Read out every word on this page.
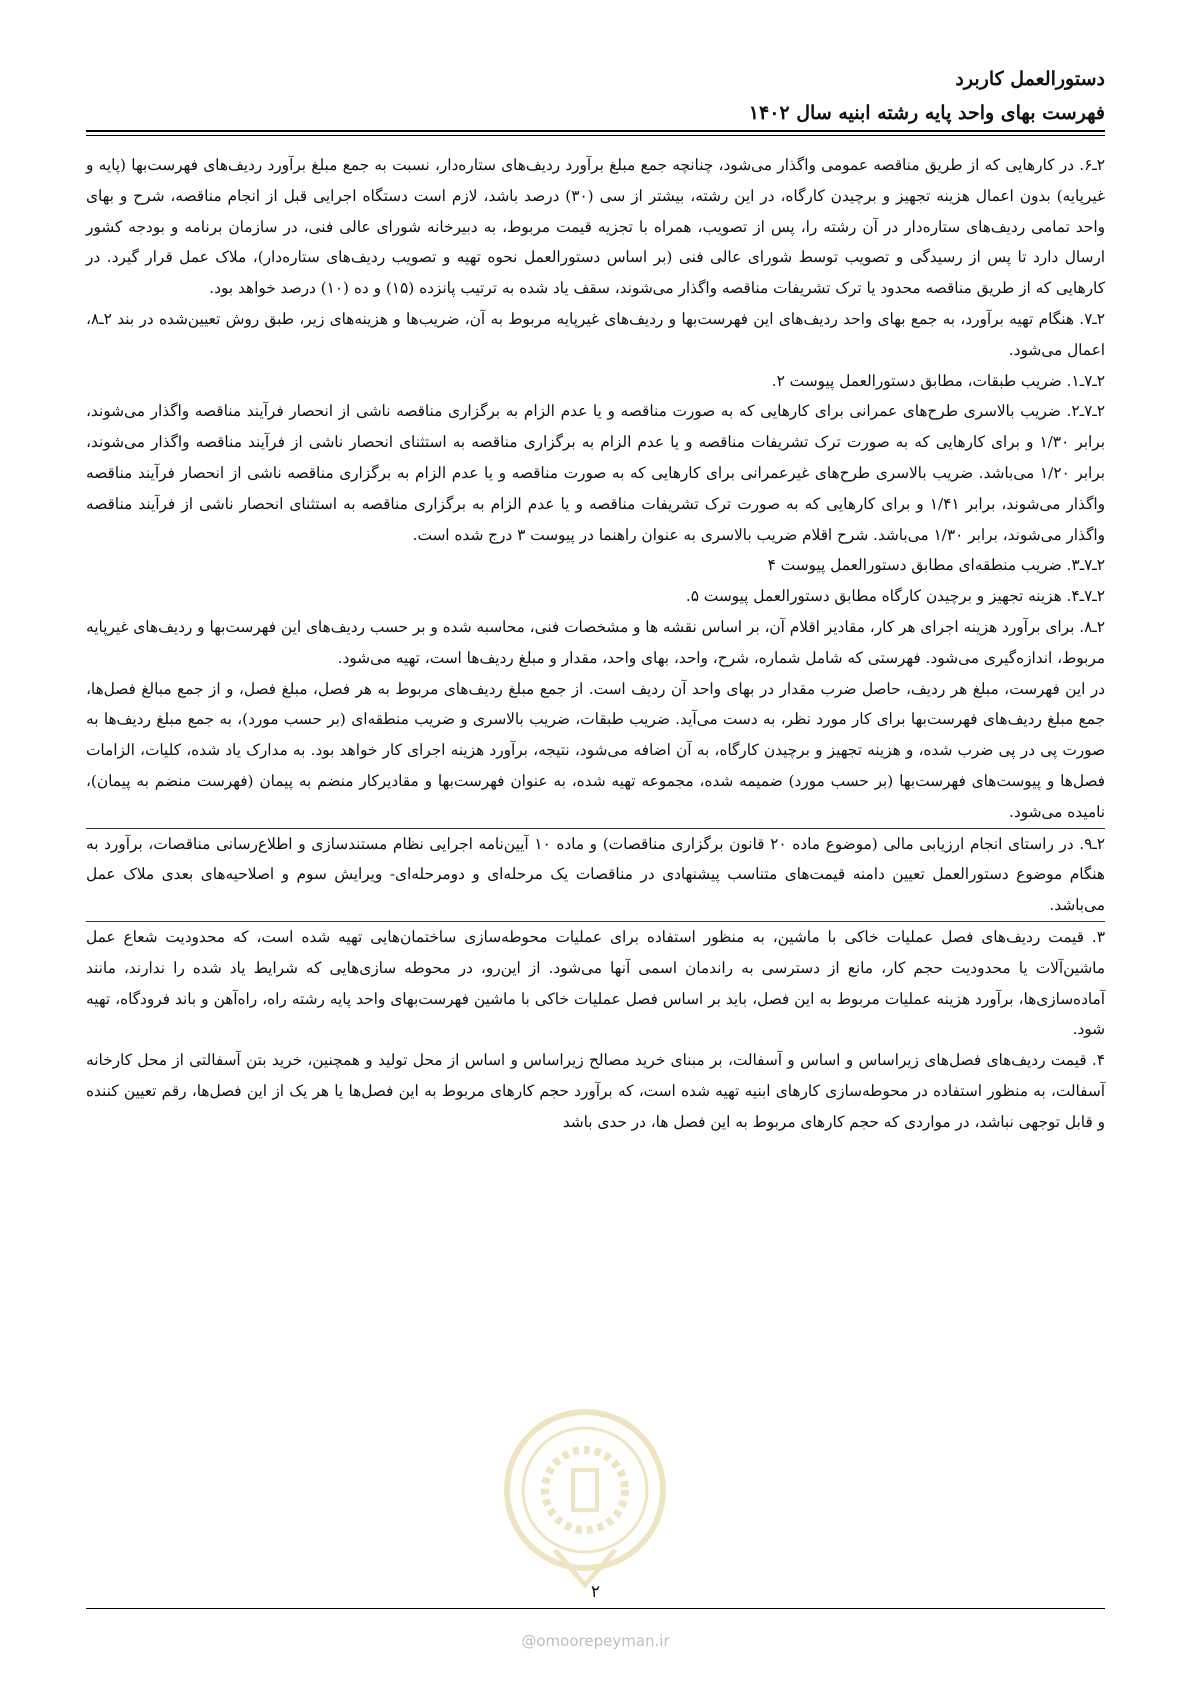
دستورالعمل کاربرد
فهرست بهای واحد پایه رشته ابنیه سال ۱۴۰۲

۲ـ۶. در کارهایی که از طریق مناقصه عمومی واگذار می‌شود، چنانچه جمع مبلغ برآورد ردیف‌های ستاره‌دار، نسبت به جمع مبلغ برآورد ردیف‌های فهرست‌بها (پایه و غیرپایه) بدون اعمال هزینه تجهیز و برچیدن کارگاه، در این رشته، بیشتر از سی (۳۰) درصد باشد، لازم است دستگاه اجرایی قبل از انجام مناقصه، شرح و بهای واحد تمامی ردیف‌های ستاره‌دار در آن رشته را، پس از تصویب، همراه با تجزیه قیمت مربوط، به دبیرخانه شورای عالی فنی، در سازمان برنامه و بودجه کشور ارسال دارد تا پس از رسیدگی و تصویب توسط شورای عالی فنی (بر اساس دستورالعمل نحوه تهیه و تصویب ردیف‌های ستاره‌دار)، ملاک عمل قرار گیرد. در کارهایی که از طریق مناقصه محدود یا ترک تشریفات مناقصه واگذار می‌شوند، سقف یاد شده به ترتیب پانزده (۱۵) و ده (۱۰) درصد خواهد بود.

۲ـ۷. هنگام تهیه برآورد، به جمع بهای واحد ردیف‌های این فهرست‌بها و ردیف‌های غیرپایه مربوط به آن، ضریب‌ها و هزینه‌های زیر، طبق روش تعیین‌شده در بند ۲ـ۸، اعمال می‌شود.

۲ـ۷ـ۱. ضریب طبقات، مطابق دستورالعمل پیوست ۲.

۲ـ۷ـ۲. ضریب بالاسری طرح‌های عمرانی برای کارهایی که به صورت مناقصه و یا عدم الزام به برگزاری مناقصه ناشی از انحصار فرآیند مناقصه واگذار می‌شوند، برابر ۱/۳۰ و برای کارهایی که به صورت ترک تشریفات مناقصه و یا عدم الزام به برگزاری مناقصه به استثنای انحصار ناشی از فرآیند مناقصه واگذار می‌شوند، برابر ۱/۲۰ می‌باشد. ضریب بالاسری طرح‌های غیرعمرانی برای کارهایی که به صورت مناقصه و یا عدم الزام به برگزاری مناقصه ناشی از انحصار فرآیند مناقصه واگذار می‌شوند، برابر ۱/۴۱ و برای کارهایی که به صورت ترک تشریفات مناقصه و یا عدم الزام به برگزاری مناقصه به استثنای انحصار ناشی از فرآیند مناقصه واگذار می‌شوند، برابر ۱/۳۰ می‌باشد. شرح اقلام ضریب بالاسری به عنوان راهنما در پیوست ۳ درج شده است.

۲ـ۷ـ۳. ضریب منطقه‌ای مطابق دستورالعمل پیوست ۴

۲ـ۷ـ۴. هزینه تجهیز و برچیدن کارگاه مطابق دستورالعمل پیوست ۵.

۲ـ۸. برای برآورد هزینه اجرای هر کار، مقادیر اقلام آن، بر اساس نقشه ها و مشخصات فنی، محاسبه شده و بر حسب ردیف‌های این فهرست‌بها و ردیف‌های غیرپایه مربوط، اندازه‌گیری می‌شود. فهرستی که شامل شماره، شرح، واحد، بهای واحد، مقدار و مبلغ ردیف‌ها است، تهیه می‌شود.

در این فهرست، مبلغ هر ردیف، حاصل ضرب مقدار در بهای واحد آن ردیف است. از جمع مبلغ ردیف‌های مربوط به هر فصل، مبلغ فصل، و از جمع مبالغ فصل‌ها، جمع مبلغ ردیف‌های فهرست‌بها برای کار مورد نظر، به دست می‌آید. ضریب طبقات، ضریب بالاسری و ضریب منطقه‌ای (بر حسب مورد)، به جمع مبلغ ردیف‌ها به صورت پی در پی ضرب شده، و هزینه تجهیز و برچیدن کارگاه، به آن اضافه می‌شود، نتیجه، برآورد هزینه اجرای کار خواهد بود. به مدارک یاد شده، کلیات، الزامات فصل‌ها و پیوست‌های فهرست‌بها (بر حسب مورد) ضمیمه شده، مجموعه تهیه شده، به عنوان فهرست‌بها و مقادیرکار منضم به پیمان (فهرست منضم به پیمان)، نامیده می‌شود.

۲ـ۹. در راستای انجام ارزیابی مالی (موضوع ماده ۲۰ قانون برگزاری مناقصات) و ماده ۱۰ آیین‌نامه اجرایی نظام مستندسازی و اطلاع‌رسانی مناقصات، برآورد به هنگام موضوع دستورالعمل تعیین دامنه قیمت‌های متناسب پیشنهادی در مناقصات یک مرحله‌ای و دومرحله‌ای- ویرایش سوم و اصلاحیه‌های بعدی ملاک عمل می‌باشد.

۳. قیمت ردیف‌های فصل عملیات خاکی با ماشین، به منظور استفاده برای عملیات محوطه‌سازی ساختمان‌هایی تهیه شده است، که محدودیت شعاع عمل ماشین‌آلات یا محدودیت حجم کار، مانع از دسترسی به راندمان اسمی آنها می‌شود. از این‌رو، در محوطه سازی‌هایی که شرایط یاد شده را ندارند، مانند آماده‌سازی‌ها، برآورد هزینه عملیات مربوط به این فصل، باید بر اساس فصل عملیات خاکی با ماشین فهرست‌بهای واحد پایه رشته راه، راه‌آهن و باند فرودگاه، تهیه شود.

۴. قیمت ردیف‌های فصل‌های زیراساس و اساس و آسفالت، بر مبنای خرید مصالح زیراساس و اساس از محل تولید و همچنین، خرید بتن آسفالتی از محل کارخانه آسفالت، به منظور استفاده در محوطه‌سازی کارهای ابنیه تهیه شده است، که برآورد حجم کارهای مربوط به این فصل‌ها یا هر یک از این فصل‌ها، رقم تعیین کننده و قابل توجهی نباشد، در مواردی که حجم کارهای مربوط به این فصل ها، در حدی باشد

۲
@omoorepeyman.ir
